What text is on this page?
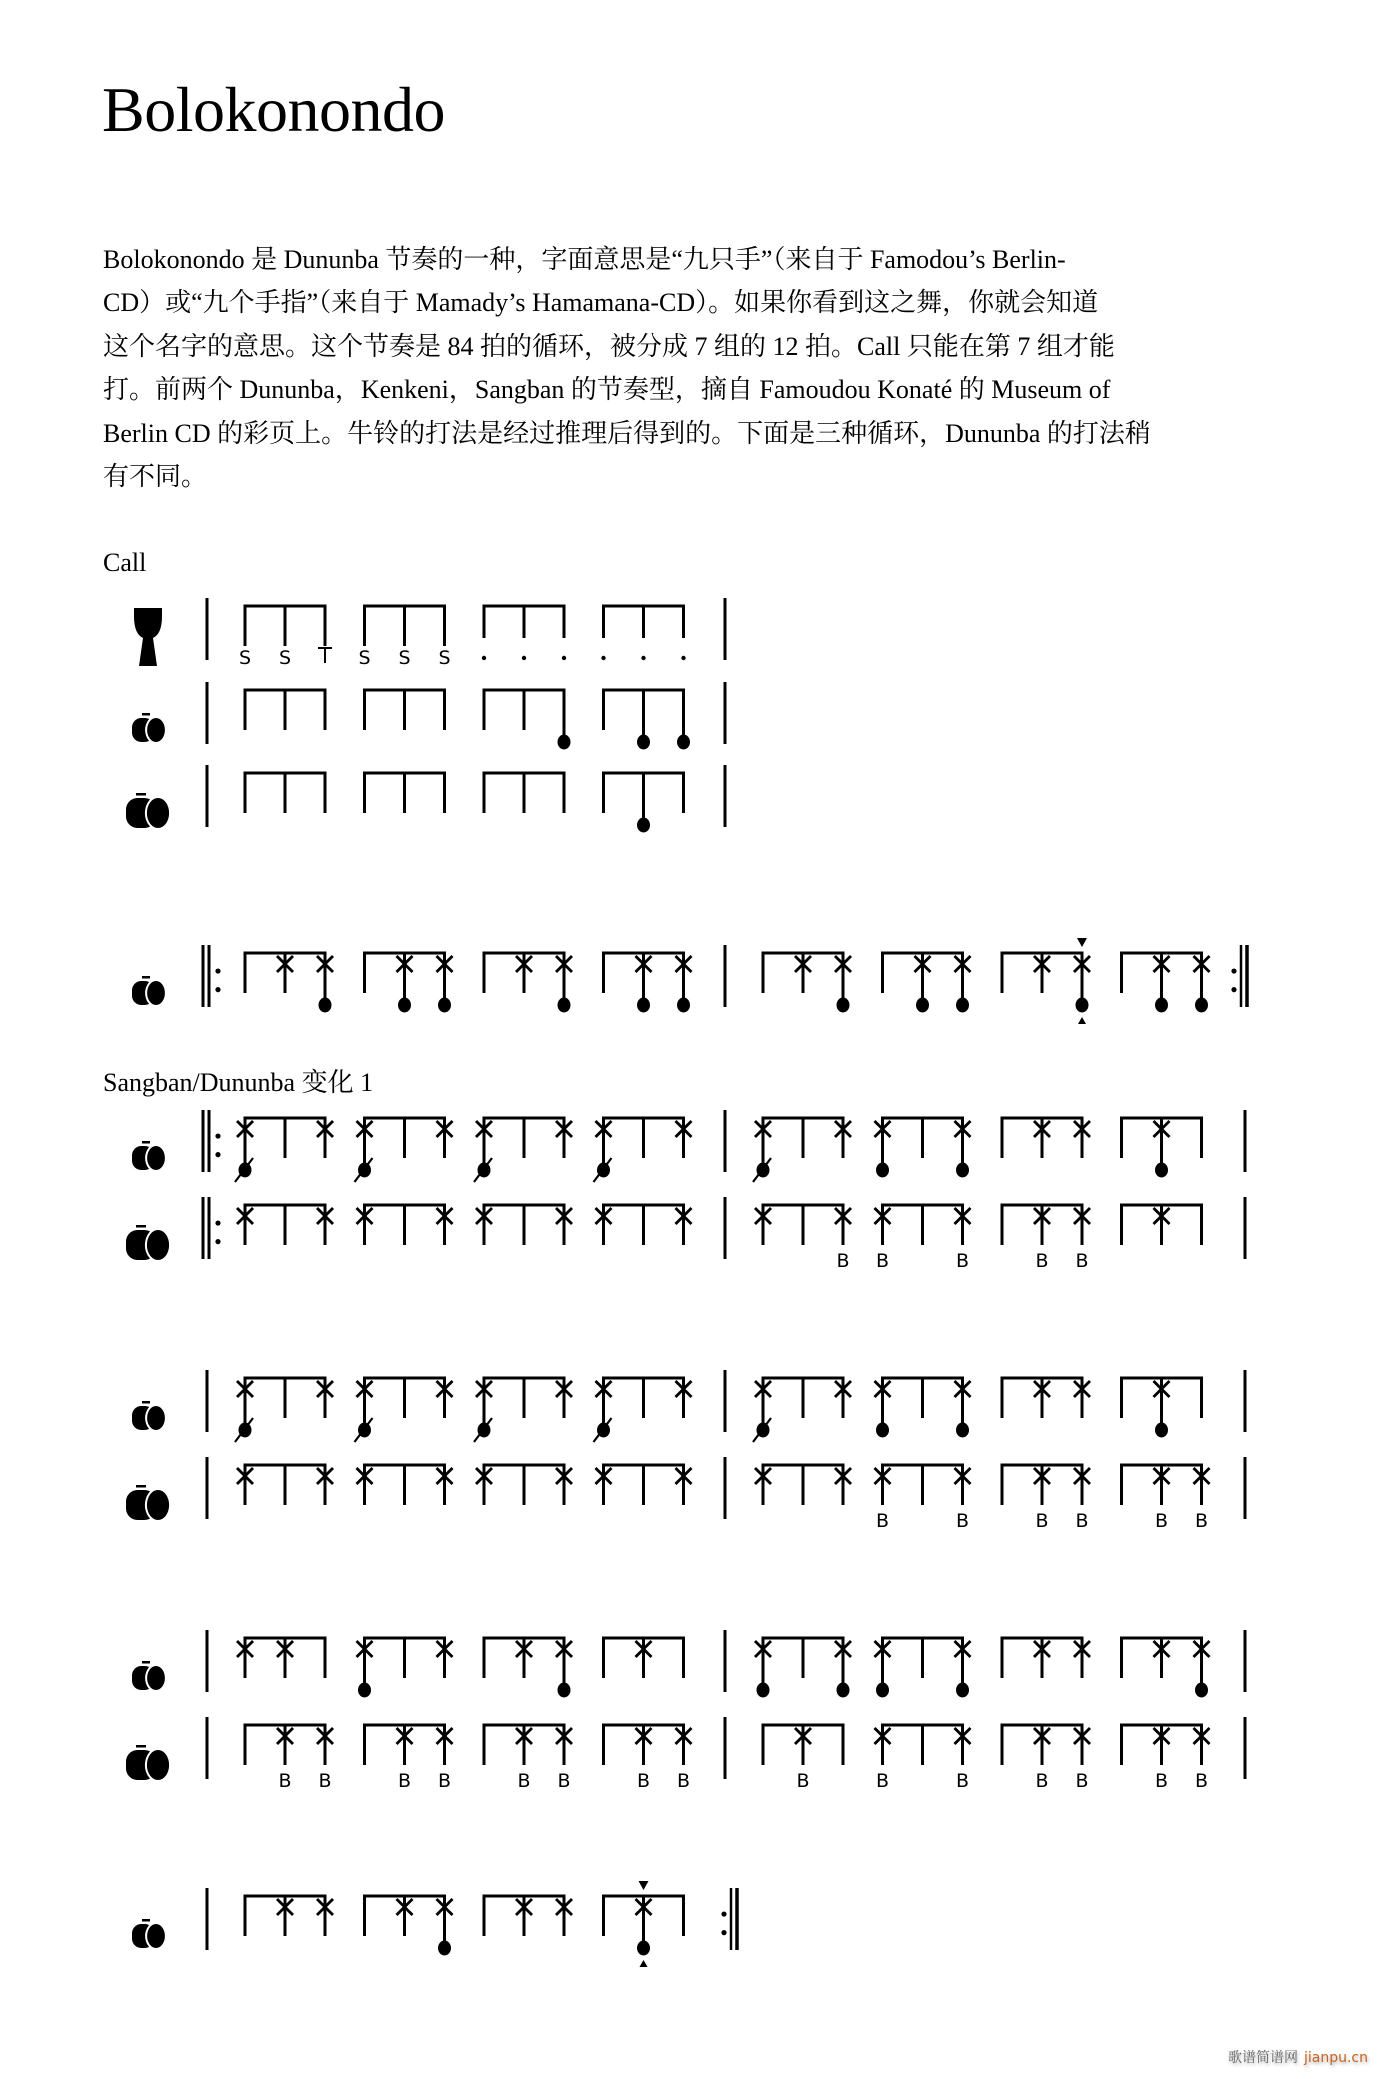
Bolokonondo
Bolokonondo 是 Dununba 节奏的一种，字面意思是“九只手”（来自于 Famodou’s Berlin-
CD）或“九个手指”（来自于 Mamady’s Hamamana-CD）。如果你看到这之舞，你就会知道
这个名字的意思。这个节奏是 84 拍的循环，被分成 7 组的 12 拍。Call 只能在第 7 组才能
打。前两个 Dununba，Kenkeni，Sangban 的节奏型，摘自 Famoudou Konaté 的 Museum of
Berlin CD 的彩页上。牛铃的打法是经过推理后得到的。下面是三种循环，Dununba 的打法稍
有不同。
Call
Sangban/Dununba 变化 1
S S	S S S
B B	B	B B
B	B	B B	B B
B B	B B	B B	B B	B	B	B	B B	B B
歌谱简谱网 jianpu.cn
